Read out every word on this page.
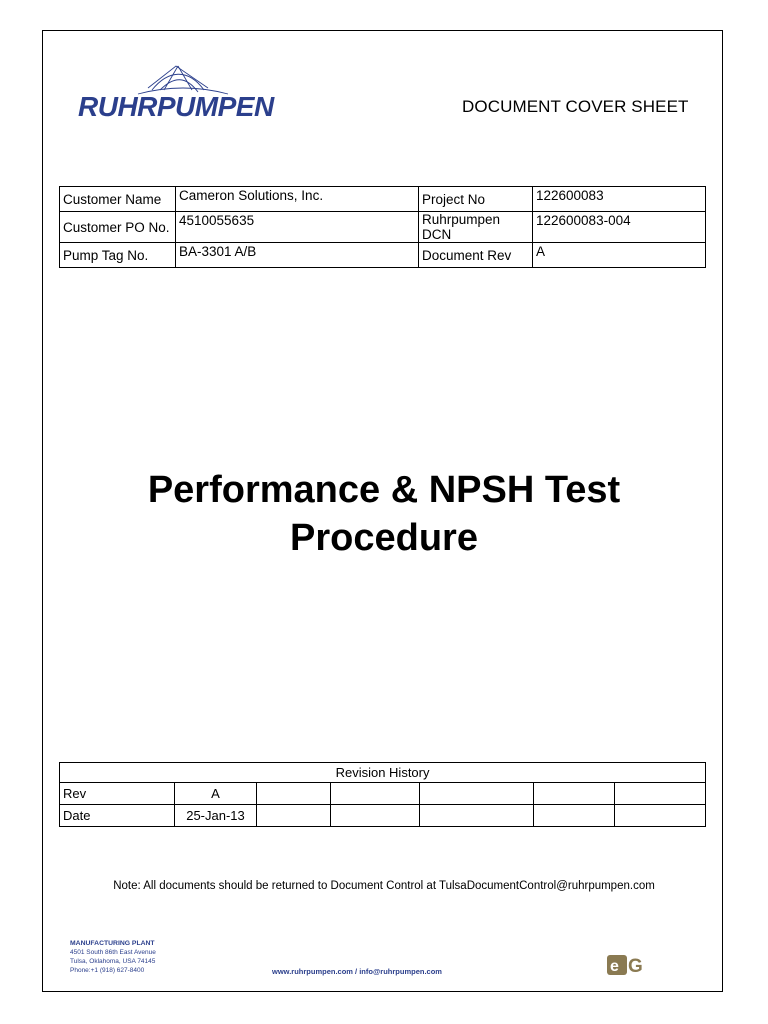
RUHRPUMPEN	DOCUMENT COVER SHEET
Customer Name	Cameron Solutions, Inc.	Project No	122600083
Customer PO No.	4510055635	Ruhrpumpen DCN	122600083-004
Pump Tag No.	BA-3301 A/B	Document Rev	A
Performance & NPSH Test
Procedure
Revision History						
Rev	A					
Date	25-Jan-13					
Note: All documents should be returned to Document Control at TulsaDocumentControl@ruhrpumpen.com
MANUFACTURING PLANT
4501 South 86th East Avenue
Tulsa, Oklahoma, USA 74145
Phone:+1 (918) 627-8400	www.ruhrpumpen.com / info@ruhrpumpen.com	e G
